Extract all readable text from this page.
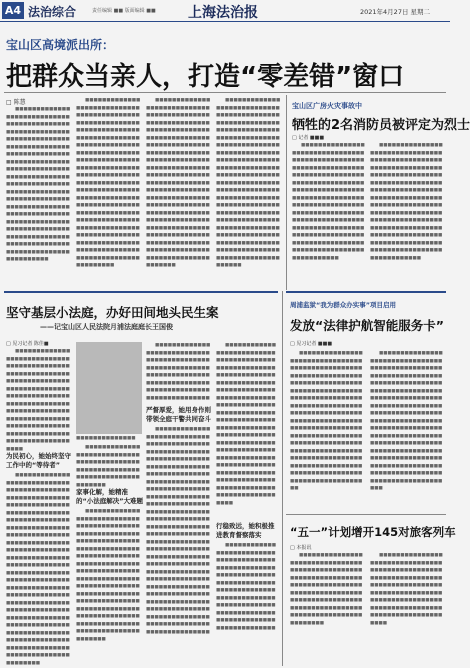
A4 法治综合	责任编辑 ■■ 版面编辑 ■■ 上海法治报	2021年4月27日 星期二
宝山区高境派出所：
把群众当亲人，打造“零差错”窗口
□ 陈慧

■■■■■■■■■■■■■■■■■■■■■■■■■■■■■■■■■■■■■■■■■■■■■■■■■■■■■■■■■■■■■■■■■■■■■■■■■■■■■■■■■■■■■■■■■■■■■■■■■■■■■■■■■■■■■■■■■■■■■■■■■■■■■■■■■■■■■■■■■■■■■■■■■■■■■■■■■■■■■■■■■■■■■■■■■■■■■■■■■■■■■■■■■■■■■■■■■■■■■■■■■■■■■■■■■■■■■■■■■■■■■■■■■■■■■■■■■■■■■■■■■■■■■■■■■■■■■■■■■■■■■■■■■■■■■■■■■■■■■■■■■■■■■■■■■■■■■■■■■■■■■■■■■■■■

■■■■■■■■■■■■■■■■■■■■■■■■■■■■■■■■■■■■■■■■■■■■■■■■■■■■■■■■■■■■■■■■■■■■■■■■■■■■■■■■■■■■■■■■■■■■■■■■■■■■■■■■■■■■■■■■■■■■■■■■■■■■■■■■■■■■■■■■■■■■■■■■■■■■■■■■■■■■■■■■■■■■■■■■■■■■■■■■■■■■■■■■■■■■■■■■■■■■■■■■■■■■■■■■■■■■■■■■■■■■■■■■■■■■■■■■■■■■■■■■■■■■■■■■■■■■■■■■■■■■■■■■■■■■■■■■■■■■■■■■■■■■■■■■■■■■■■■■■■■■■■■■■■■■■■■■■■■■■■■■■■■■■■■■■■■■■■■■■

■■■■■■■■■■■■■■■■■■■■■■■■■■■■■■■■■■■■■■■■■■■■■■■■■■■■■■■■■■■■■■■■■■■■■■■■■■■■■■■■■■■■■■■■■■■■■■■■■■■■■■■■■■■■■■■■■■■■■■■■■■■■■■■■■■■■■■■■■■■■■■■■■■■■■■■■■■■■■■■■■■■■■■■■■■■■■■■■■■■■■■■■■■■■■■■■■■■■■■■■■■■■■■■■■■■■■■■■■■■■■■■■■■■■■■■■■■■■■■■■■■■■■■■■■■■■■■■■■■■■■■■■■■■■■■■■■■■■■■■■■■■■■■■■■■■■■■■■■■■■■■■■■■■■■■■■■■■■■■■■■■■■■■■■■■■■■■■

■■■■■■■■■■■■■■■■■■■■■■■■■■■■■■■■■■■■■■■■■■■■■■■■■■■■■■■■■■■■■■■■■■■■■■■■■■■■■■■■■■■■■■■■■■■■■■■■■■■■■■■■■■■■■■■■■■■■■■■■■■■■■■■■■■■■■■■■■■■■■■■■■■■■■■■■■■■■■■■■■■■■■■■■■■■■■■■■■■■■■■■■■■■■■■■■■■■■■■■■■■■■■■■■■■■■■■■■■■■■■■■■■■■■■■■■■■■■■■■■■■■■■■■■■■■■■■■■■■■■■■■■■■■■■■■■■■■■■■■■■■■■■■■■■■■■■■■■■■■■■■■■■■■■■■■■■■■■■■■■■■■■■■■■■■■■■■

宝山区广房火灾事故中
牺牲的2名消防员被评定为烈士
□ 记者 ■■■

■■■■■■■■■■■■■■■■■■■■■■■■■■■■■■■■■■■■■■■■■■■■■■■■■■■■■■■■■■■■■■■■■■■■■■■■■■■■■■■■■■■■■■■■■■■■■■■■■■■■■■■■■■■■■■■■■■■■■■■■■■■■■■■■■■■■■■■■■■■■■■■■■■■■■■■■■■■■■■■■■■■■■■■■■■■■■■■■■■■■■■■■■■■■■■■■■■■■■■■■■■■■■■■■■■■■■■■■■■■■■■■■■■■■■■■■■■■■■■■■■■■■■■■■■■■■■■■■■■■■■■■■

■■■■■■■■■■■■■■■■■■■■■■■■■■■■■■■■■■■■■■■■■■■■■■■■■■■■■■■■■■■■■■■■■■■■■■■■■■■■■■■■■■■■■■■■■■■■■■■■■■■■■■■■■■■■■■■■■■■■■■■■■■■■■■■■■■■■■■■■■■■■■■■■■■■■■■■■■■■■■■■■■■■■■■■■■■■■■■■■■■■■■■■■■■■■■■■■■■■■■■■■■■■■■■■■■■■■■■■■■■■■■■■■■■■■■■■■■■■■■■■■■■■■■■■■■■■■■■■■■■■■■■■■■

坚守基层小法庭，办好田间地头民生案
——记宝山区人民法院月浦法庭庭长王国俊
□ 见习记者 陈佳■

■■■■■■■■■■■■■■■■■■■■■■■■■■■■■■■■■■■■■■■■■■■■■■■■■■■■■■■■■■■■■■■■■■■■■■■■■■■■■■■■■■■■■■■■■■■■■■■■■■■■■■■■■■■■■■■■■■■■■■■■■■■■■■■■■■■■■■■■■■■■■■■■■■■■■■■■■■■■■■■■■■■■■■■■■■■■■■■■■■■■■■■■■■■■■■■■■■■■■

为民初心，她始终坚守工作中的“等待者”

■■■■■■■■■■■■■■■■■■■■■■■■■■■■■■■■■■■■■■■■■■■■■■■■■■■■■■■■■■■■■■■■■■■■■■■■■■■■■■■■■■■■■■■■■■■■■■■■■■■■■■■■■■■■■■■■■■■■■■■■■■■■■■■■■■■■■■■■■■■■■■■■■■■■■■■■■■■■■■■■■■■■■■■■■■■■■■■■■■■■■■■■■■■■■■■■■■■■■■■■■■■■■■■■■■■■■■■■■■■■■■■■■■■■■■■■■■■■■■■■■■■■■■■■■■■■■■■■■■■■■■■■■■■■■■■■■■■■■■■■■■■■■■■■■■■■■■■■■■■■■■■■■■■■■■■■■■■■■■■■■■■■■■■■■■■■■■■■■■■■■■■■■■■■■■■■■■■■■■■■■■■■■■■■■■■■■■■■■■■■■

■■■■■■■■■■■■■■

■■■■■■■■■■■■■■■■■■■■■■■■■■■■■■■■■■■■■■■■■■■■■■■■■■■■■■■■■■■■■■■■■■■■■■■■■■■■■■■■

家事化解，她精准的“小法庭解决”大难题

■■■■■■■■■■■■■■■■■■■■■■■■■■■■■■■■■■■■■■■■■■■■■■■■■■■■■■■■■■■■■■■■■■■■■■■■■■■■■■■■■■■■■■■■■■■■■■■■■■■■■■■■■■■■■■■■■■■■■■■■■■■■■■■■■■■■■■■■■■■■■■■■■■■■■■■■■■■■■■■■■■■■■■■■■■■■■■■■■■■■■■■■■■■■■■■■■■■■■■■■■■■■■■■■■■■■■■■■■■■■■■■■■■■■■■■■■■■■■■■■■■■■■■■■■■■■■■■■■■■■

■■■■■■■■■■■■■■■■■■■■■■■■■■■■■■■■■■■■■■■■■■■■■■■■■■■■■■■■■■■■■■■■■■■■■■■■■■■■■■■■■■■■■■■■■■■■■■■■■■■■■■■■■■■■■■■■■■■■■■

严督厚爱，她用身作则带领全庭干警共同奋斗

■■■■■■■■■■■■■■■■■■■■■■■■■■■■■■■■■■■■■■■■■■■■■■■■■■■■■■■■■■■■■■■■■■■■■■■■■■■■■■■■■■■■■■■■■■■■■■■■■■■■■■■■■■■■■■■■■■■■■■■■■■■■■■■■■■■■■■■■■■■■■■■■■■■■■■■■■■■■■■■■■■■■■■■■■■■■■■■■■■■■■■■■■■■■■■■■■■■■■■■■■■■■■■■■■■■■■■■■■■■■■■■■■■■■■■■■■■■■■■■■■■■■■■■■■■■■■■■■■■■■■■■■■■■■■■■■■■■■■■■■■■■■■■■■■■■■■■■■■■■■■■■■■■■■■■■■■■■■■■■■■■■■■■■■■■■■■■■■■■■■■■■■■■■■■■■■■■■■■■■■■■■■■■■■■■■■■■■■■■■■■■■■■■■■■■■■■■■■■■■■■■■■■■■■■■■■■■■■■■

■■■■■■■■■■■■■■■■■■■■■■■■■■■■■■■■■■■■■■■■■■■■■■■■■■■■■■■■■■■■■■■■■■■■■■■■■■■■■■■■■■■■■■■■■■■■■■■■■■■■■■■■■■■■■■■■■■■■■■■■■■■■■■■■■■■■■■■■■■■■■■■■■■■■■■■■■■■■■■■■■■■■■■■■■■■■■■■■■■■■■■■■■■■■■■■■■■■■■■■■■■■■■■■■■■■■■■■■■■■■■■■■■■■■■■■■■■■■■■■■■■■■■■■■■■■■■■■■■■■■■■■■■■■■■■■■■■■■■■■■■■■■■■■■■■■■■■■■

行稳致远，她积极推进教育督察落实

■■■■■■■■■■■■■■■■■■■■■■■■■■■■■■■■■■■■■■■■■■■■■■■■■■■■■■■■■■■■■■■■■■■■■■■■■■■■■■■■■■■■■■■■■■■■■■■■■■■■■■■■■■■■■■■■■■■■■■■■■■■■■■■■■■■■■■■■■■■■■■■■■■■■■■■■■■■■■■■■■■■■■■

周浦监狱“我为群众办实事”项目启用
发放“法律护航智能服务卡”
□ 见习记者 ■■■

■■■■■■■■■■■■■■■■■■■■■■■■■■■■■■■■■■■■■■■■■■■■■■■■■■■■■■■■■■■■■■■■■■■■■■■■■■■■■■■■■■■■■■■■■■■■■■■■■■■■■■■■■■■■■■■■■■■■■■■■■■■■■■■■■■■■■■■■■■■■■■■■■■■■■■■■■■■■■■■■■■■■■■■■■■■■■■■■■■■■■■■■■■■■■■■■■■■■■■■■■■■■■■■■■■■■■■■■■■■■■■■■■■■■■■■■■■■■■■■■■■■■■■■■■■■■■■■■■■■■■■■■■■■■■■■■■■■■■■■■■■■■■■■■■■■■■■■■■■■■■■■■■■

■■■■■■■■■■■■■■■■■■■■■■■■■■■■■■■■■■■■■■■■■■■■■■■■■■■■■■■■■■■■■■■■■■■■■■■■■■■■■■■■■■■■■■■■■■■■■■■■■■■■■■■■■■■■■■■■■■■■■■■■■■■■■■■■■■■■■■■■■■■■■■■■■■■■■■■■■■■■■■■■■■■■■■■■■■■■■■■■■■■■■■■■■■■■■■■■■■■■■■■■■■■■■■■■■■■■■■■■■■■■■■■■■■■■■■■■■■■■■■■■■■■■■■■■■■■■■■■■■■■■■■■■■■■■■■■■■■■■■■■■■■■■■■■■■■■■■■■■■■■■■■■■■■■

“五一”计划增开145对旅客列车
□ 本报讯

■■■■■■■■■■■■■■■■■■■■■■■■■■■■■■■■■■■■■■■■■■■■■■■■■■■■■■■■■■■■■■■■■■■■■■■■■■■■■■■■■■■■■■■■■■■■■■■■■■■■■■■■■■■■■■■■■■■■■■■■■■■■■■■■■■■■■■■■■■■■■■■■■■■■■■■■■■■■■■■

■■■■■■■■■■■■■■■■■■■■■■■■■■■■■■■■■■■■■■■■■■■■■■■■■■■■■■■■■■■■■■■■■■■■■■■■■■■■■■■■■■■■■■■■■■■■■■■■■■■■■■■■■■■■■■■■■■■■■■■■■■■■■■■■■■■■■■■■■■■■■■■■■■■■■■■■■■■
